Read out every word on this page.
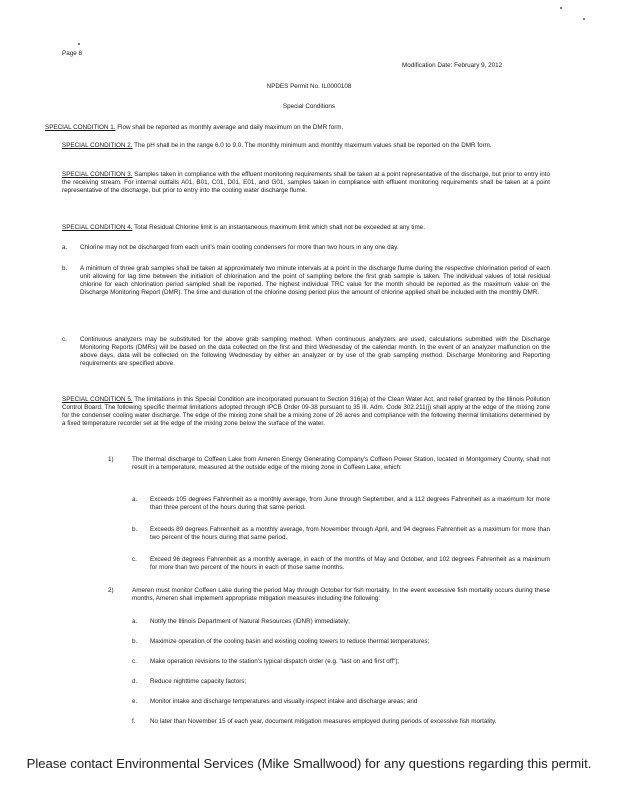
Page 8
Modification Date: February 9, 2012
NPDES Permit No. IL0000108
Special Conditions
SPECIAL CONDITION 1. Flow shall be reported as monthly average and daily maximum on the DMR form.

SPECIAL CONDITION 2. The pH shall be in the range 6.0 to 9.0. The monthly minimum and monthly maximum values shall be reported on the DMR form.

SPECIAL CONDITION 3. Samples taken in compliance with the effluent monitoring requirements shall be taken at a point representative of the discharge, but prior to entry into the receiving stream. For internal outfalls A01, B01, C01, D01, E01, and G01, samples taken in compliance with effluent monitoring requirements shall be taken at a point representative of the discharge, but prior to entry into the cooling water discharge flume.

SPECIAL CONDITION 4. Total Residual Chlorine limit is an instantaneous maximum limit which shall not be exceeded at any time.
a. Chlorine may not be discharged from each unit's main cooling condensers for more than two hours in any one day.

b. A minimum of three grab samples shall be taken at approximately two minute intervals at a point in the discharge flume during the respective chlorination period of each unit allowing for lag time between the initiation of chlorination and the point of sampling before the first grab sample is taken. The individual values of total residual chlorine for each chlorination period sampled shall be reported. The highest individual TRC value for the month should be reported as the maximum value on the Discharge Monitoring Report (DMR). The time and duration of the chlorine dosing period plus the amount of chlorine applied shall be included with the monthly DMR.

c. Continuous analyzers may be substituted for the above grab sampling method. When continuous analyzers are used, calculations submitted with the Discharge Monitoring Reports (DMRs) will be based on the data collected on the first and third Wednesday of the calendar month. In the event of an analyzer malfunction on the above days, data will be collected on the following Wednesday by either an analyzer or by use of the grab sampling method. Discharge Monitoring and Reporting requirements are specified above.

SPECIAL CONDITION 5. The limitations in this Special Condition are incorporated pursuant to Section 316(a) of the Clean Water Act, and relief granted by the Illinois Pollution Control Board. The following specific thermal limitations adopted through IPCB Order 09-38 pursuant to 35 Ill. Adm. Code 302.211(j) shall apply at the edge of the mixing zone for the condenser cooling water discharge. The edge of the mixing zone shall be a mixing zone of 26 acres and compliance with the following thermal limitations determined by a fixed temperature recorder set at the edge of the mixing zone below the surface of the water.

1)	The thermal discharge to Coffeen Lake from Ameren Energy Generating Company's Coffeen Power Station, located in Montgomery County, shall not result in a temperature, measured at the outside edge of the mixing zone in Coffeen Lake, which:

a. Exceeds 105 degrees Fahrenheit as a monthly average, from June through September, and a 112 degrees Fahrenheit as a maximum for more than three percent of the hours during that same period.

b. Exceeds 89 degrees Fahrenheit as a monthly average, from November through April, and 94 degrees Fahrenheit as a maximum for more than two percent of the hours during that same period.

c. Exceed 96 degrees Fahrenheit as a monthly average, in each of the months of May and October, and 102 degrees Fahrenheit as a maximum for more than two percent of the hours in each of those same months.

2)	Ameren must monitor Coffeen Lake during the period May through October for fish mortality. In the event excessive fish mortality occurs during these months, Ameren shall implement appropriate mitigation measures including the following:

a. Notify the Illinois Department of Natural Resources (IDNR) immediately;

b. Maximize operation of the cooling basin and existing cooling towers to reduce thermal temperatures;

c. Make operation revisions to the station's typical dispatch order (e.g. "last on and first off");

d. Reduce nighttime capacity factors;

e. Monitor intake and discharge temperatures and visually inspect intake and discharge areas; and

f. No later than November 15 of each year, document mitigation measures employed during periods of excessive fish mortality.

Please contact Environmental Services (Mike Smallwood) for any questions regarding this permit.
